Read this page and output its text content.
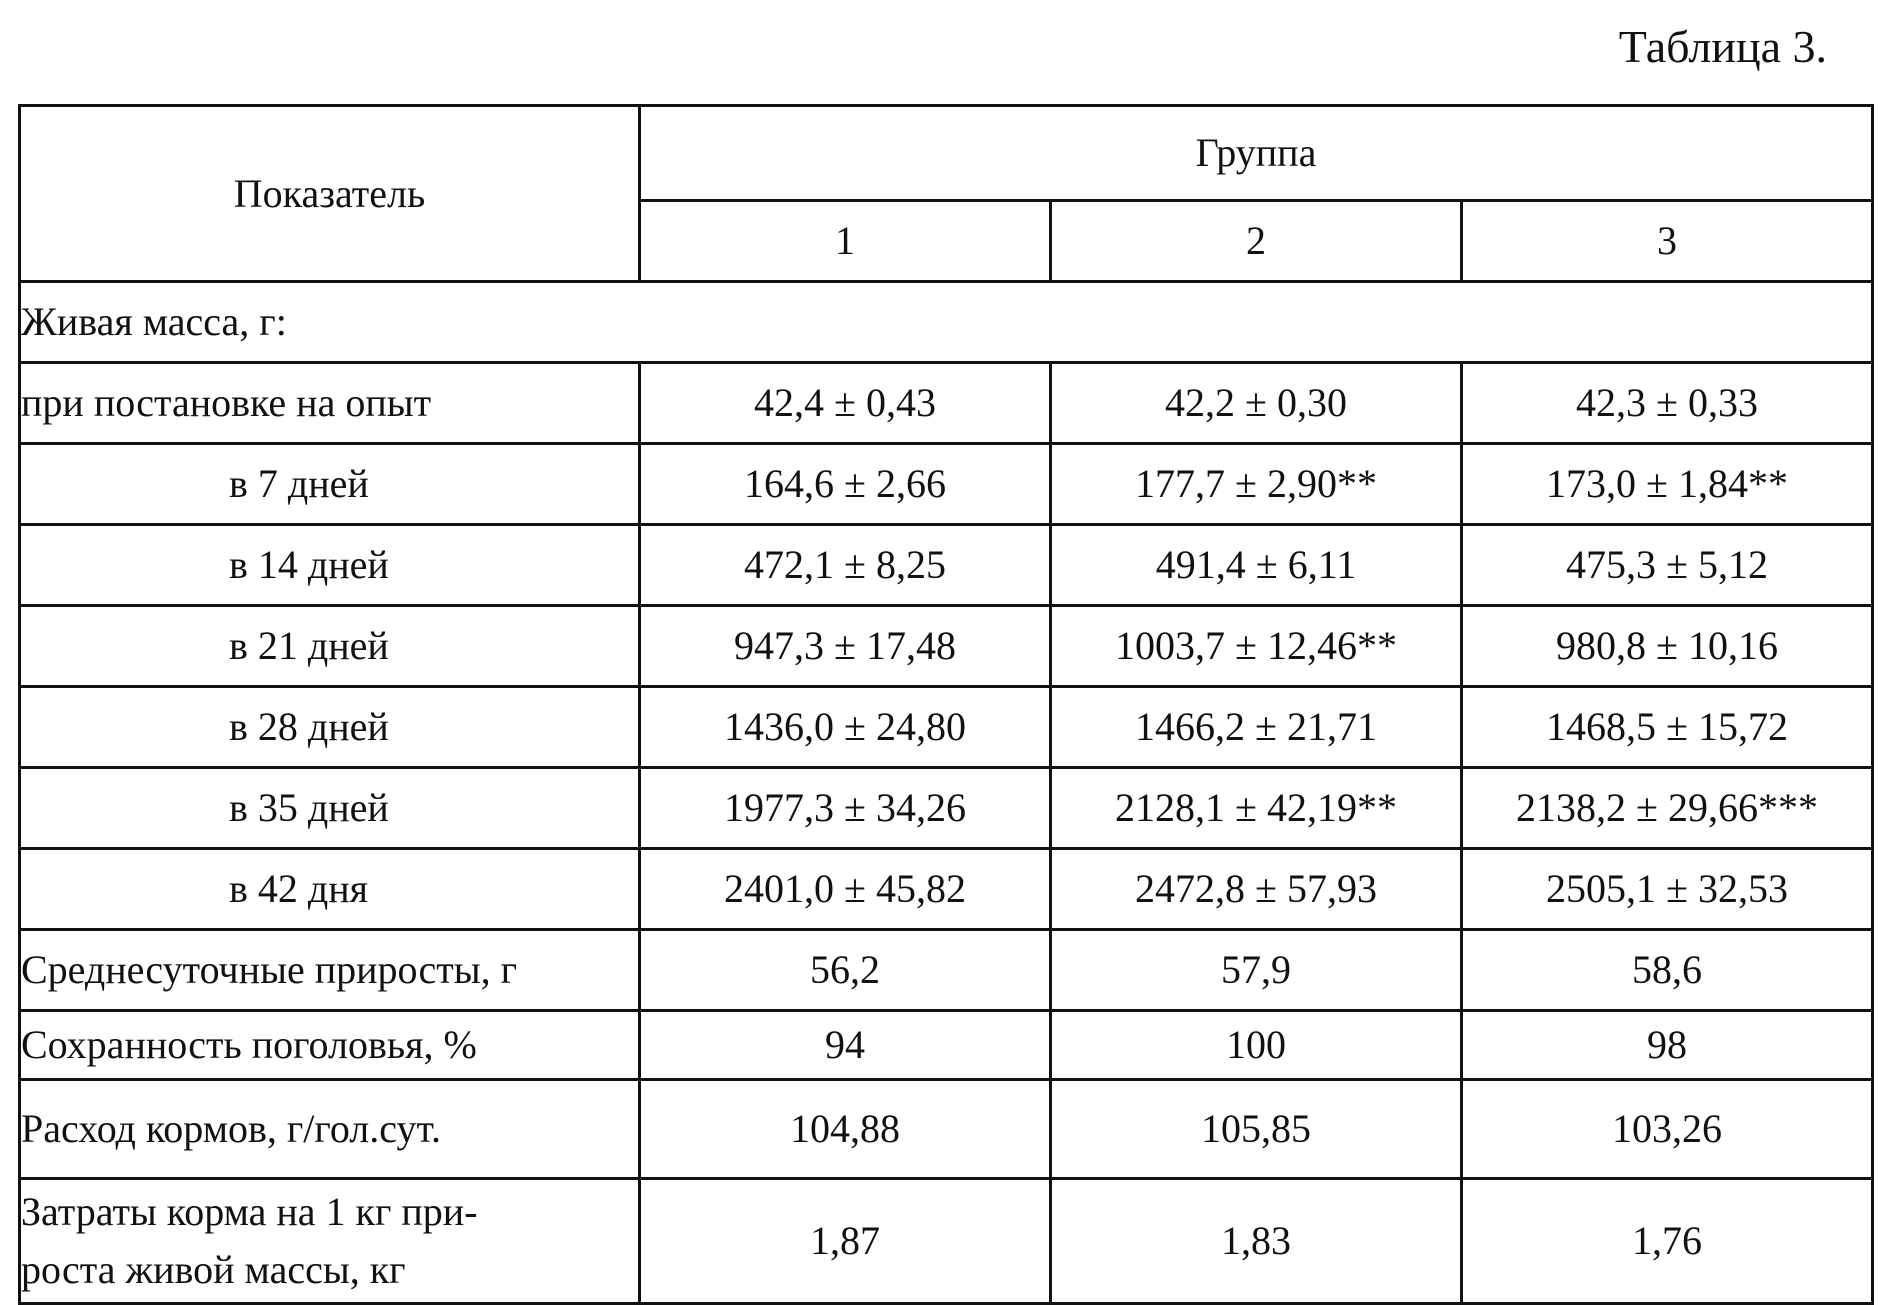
Таблица 3.
Показатель	Группа		
	1	2	3
Живая масса, г:			
при постановке на опыт	42,4 ± 0,43	42,2 ± 0,30	42,3 ± 0,33
в 7 дней	164,6 ± 2,66	177,7 ± 2,90**	173,0 ± 1,84**
в 14 дней	472,1 ± 8,25	491,4 ± 6,11	475,3 ± 5,12
в 21 дней	947,3 ± 17,48	1003,7 ± 12,46**	980,8 ± 10,16
в 28 дней	1436,0 ± 24,80	1466,2 ± 21,71	1468,5 ± 15,72
в 35 дней	1977,3 ± 34,26	2128,1 ± 42,19**	2138,2 ± 29,66***
в 42 дня	2401,0 ± 45,82	2472,8 ± 57,93	2505,1 ± 32,53
Среднесуточные приросты, г	56,2	57,9	58,6
Сохранность поголовья, %	94	100	98
Расход кормов, г/гол.сут.	104,88	105,85	103,26
Затраты корма на 1 кг при-
роста живой массы, кг	1,87	1,83	1,76
